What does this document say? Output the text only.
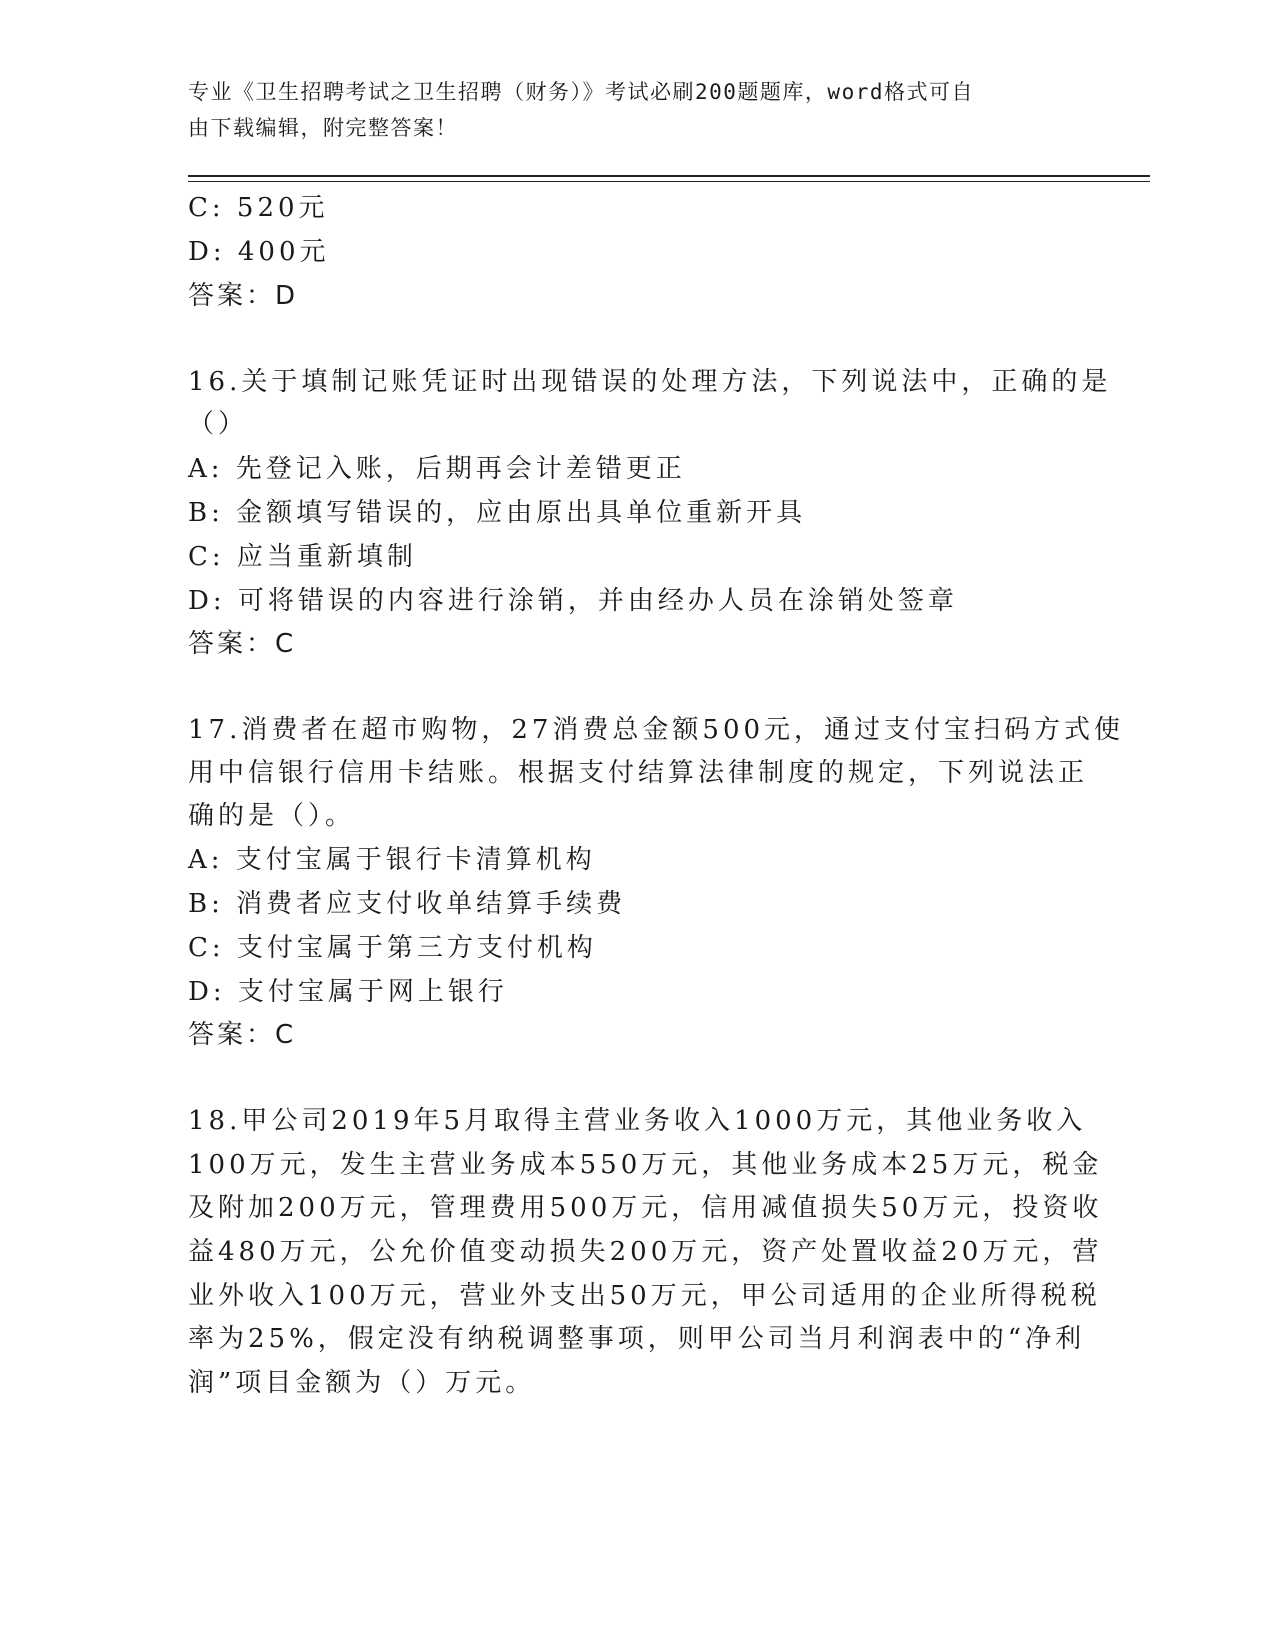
专业《卫生招聘考试之卫生招聘（财务）》考试必刷200题题库，word格式可自
由下载编辑，附完整答案！
C: 520元
D: 400元
答案：D
16.关于填制记账凭证时出现错误的处理方法，下列说法中，正确的是
（）
A: 先登记入账，后期再会计差错更正
B: 金额填写错误的，应由原出具单位重新开具
C: 应当重新填制
D: 可将错误的内容进行涂销，并由经办人员在涂销处签章
答案：C
17.消费者在超市购物，27消费总金额500元，通过支付宝扫码方式使
用中信银行信用卡结账。根据支付结算法律制度的规定，下列说法正
确的是（）。
A: 支付宝属于银行卡清算机构
B: 消费者应支付收单结算手续费
C: 支付宝属于第三方支付机构
D: 支付宝属于网上银行
答案：C
18.甲公司2019年5月取得主营业务收入1000万元，其他业务收入
100万元，发生主营业务成本550万元，其他业务成本25万元，税金
及附加200万元，管理费用500万元，信用减值损失50万元，投资收
益480万元，公允价值变动损失200万元，资产处置收益20万元，营
业外收入100万元，营业外支出50万元，甲公司适用的企业所得税税
率为25%，假定没有纳税调整事项，则甲公司当月利润表中的“净利
润”项目金额为（）万元。
